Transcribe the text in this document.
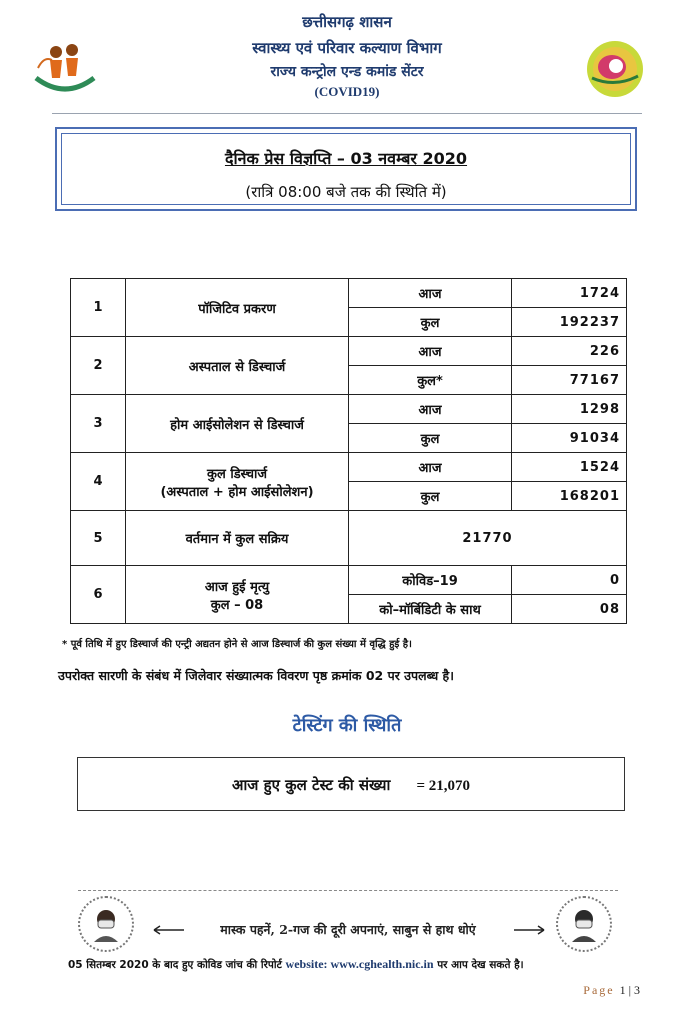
छत्तीसगढ़ शासन
स्वास्थ्य एवं परिवार कल्याण विभाग
राज्य कन्ट्रोल एन्ड कमांड सेंटर
(COVID19)
दैनिक प्रेस विज्ञप्ति – 03 नवम्बर 2020
(रात्रि 08:00 बजे तक की स्थिति में)
1	पॉजिटिव प्रकरण	आज	1724
		कुल	192237
2	अस्पताल से डिस्चार्ज	आज	226
		कुल*	77167
3	होम आईसोलेशन से डिस्चार्ज	आज	1298
		कुल	91034
4	कुल डिस्चार्ज
(अस्पताल + होम आईसोलेशन)	आज	1524
		कुल	168201
5	वर्तमान में कुल सक्रिय	21770	
6	आज हुई मृत्यु
कुल – 08	कोविड–19	0
		को–मॉर्बिडिटी के साथ	08
* पूर्व तिथि में हुए डिस्चार्ज की एन्ट्री अद्यतन होने से आज डिस्चार्ज की कुल संख्या में वृद्धि हुई है।
उपरोक्त सारणी के संबंध में जिलेवार संख्यात्मक विवरण पृष्ठ क्रमांक 02 पर उपलब्ध है।
टेस्टिंग की स्थिति
आज हुए कुल टेस्ट की संख्या = 21,070
मास्क पहनें, 2-गज की दूरी अपनाएं, साबुन से हाथ धोएं
05 सितम्बर 2020 के बाद हुए कोविड जांच की रिपोर्ट website: www.cghealth.nic.in पर आप देख सकते है।
Page 1 | 3
